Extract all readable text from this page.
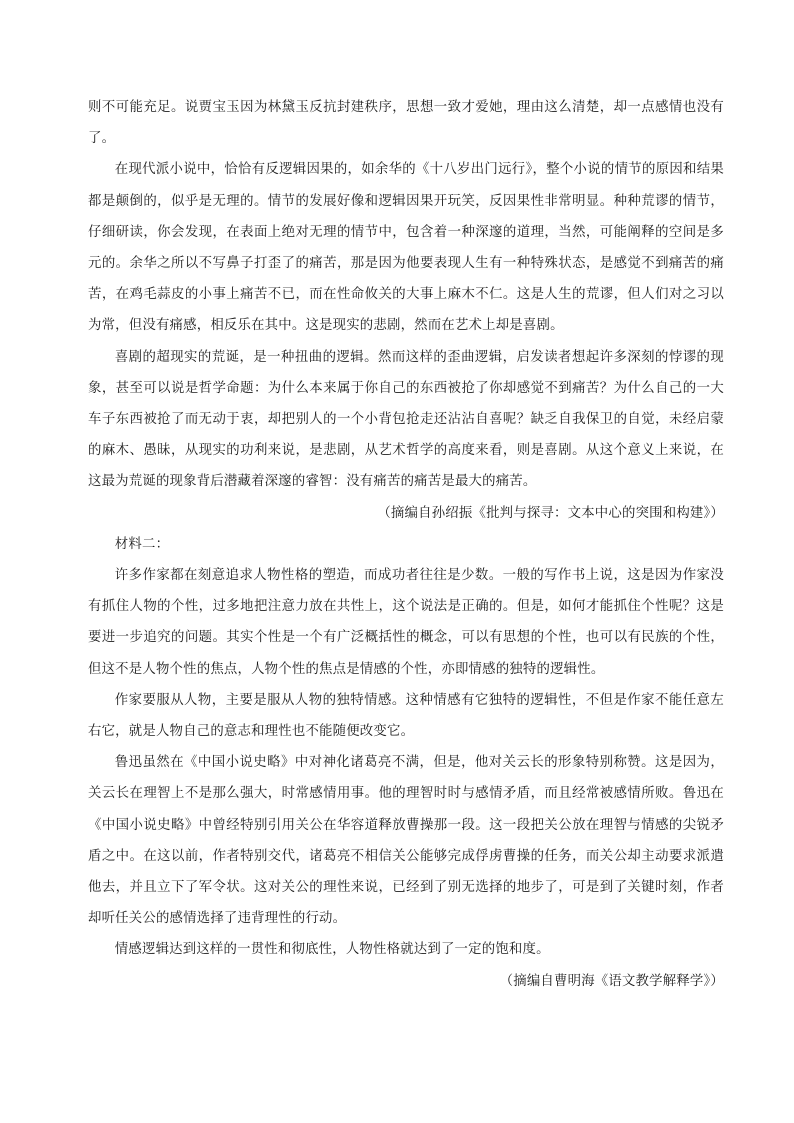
则不可能充足。说贾宝玉因为林黛玉反抗封建秩序，思想一致才爱她，理由这么清楚，却一点感情也没有了。

在现代派小说中，恰恰有反逻辑因果的，如余华的《十八岁出门远行》，整个小说的情节的原因和结果都是颠倒的，似乎是无理的。情节的发展好像和逻辑因果开玩笑，反因果性非常明显。种种荒谬的情节，仔细研读，你会发现，在表面上绝对无理的情节中，包含着一种深邃的道理，当然，可能阐释的空间是多元的。余华之所以不写鼻子打歪了的痛苦，那是因为他要表现人生有一种特殊状态，是感觉不到痛苦的痛苦，在鸡毛蒜皮的小事上痛苦不已，而在性命攸关的大事上麻木不仁。这是人生的荒谬，但人们对之习以为常，但没有痛感，相反乐在其中。这是现实的悲剧，然而在艺术上却是喜剧。

喜剧的超现实的荒诞，是一种扭曲的逻辑。然而这样的歪曲逻辑，启发读者想起许多深刻的悖谬的现象，甚至可以说是哲学命题：为什么本来属于你自己的东西被抢了你却感觉不到痛苦？为什么自己的一大车子东西被抢了而无动于衷，却把别人的一个小背包抢走还沾沾自喜呢？缺乏自我保卫的自觉，未经启蒙的麻木、愚昧，从现实的功利来说，是悲剧，从艺术哲学的高度来看，则是喜剧。从这个意义上来说，在这最为荒诞的现象背后潜藏着深邃的睿智：没有痛苦的痛苦是最大的痛苦。

（摘编自孙绍振《批判与探寻：文本中心的突围和构建》）

材料二：

许多作家都在刻意追求人物性格的塑造，而成功者往往是少数。一般的写作书上说，这是因为作家没有抓住人物的个性，过多地把注意力放在共性上，这个说法是正确的。但是，如何才能抓住个性呢？这是要进一步追究的问题。其实个性是一个有广泛概括性的概念，可以有思想的个性，也可以有民族的个性，但这不是人物个性的焦点，人物个性的焦点是情感的个性，亦即情感的独特的逻辑性。

作家要服从人物，主要是服从人物的独特情感。这种情感有它独特的逻辑性，不但是作家不能任意左右它，就是人物自己的意志和理性也不能随便改变它。

鲁迅虽然在《中国小说史略》中对神化诸葛亮不满，但是，他对关云长的形象特别称赞。这是因为，关云长在理智上不是那么强大，时常感情用事。他的理智时时与感情矛盾，而且经常被感情所败。鲁迅在《中国小说史略》中曾经特别引用关公在华容道释放曹操那一段。这一段把关公放在理智与情感的尖锐矛盾之中。在这以前，作者特别交代，诸葛亮不相信关公能够完成俘虏曹操的任务，而关公却主动要求派遣他去，并且立下了军令状。这对关公的理性来说，已经到了别无选择的地步了，可是到了关键时刻，作者却听任关公的感情选择了违背理性的行动。

情感逻辑达到这样的一贯性和彻底性，人物性格就达到了一定的饱和度。

（摘编自曹明海《语文教学解释学》）
